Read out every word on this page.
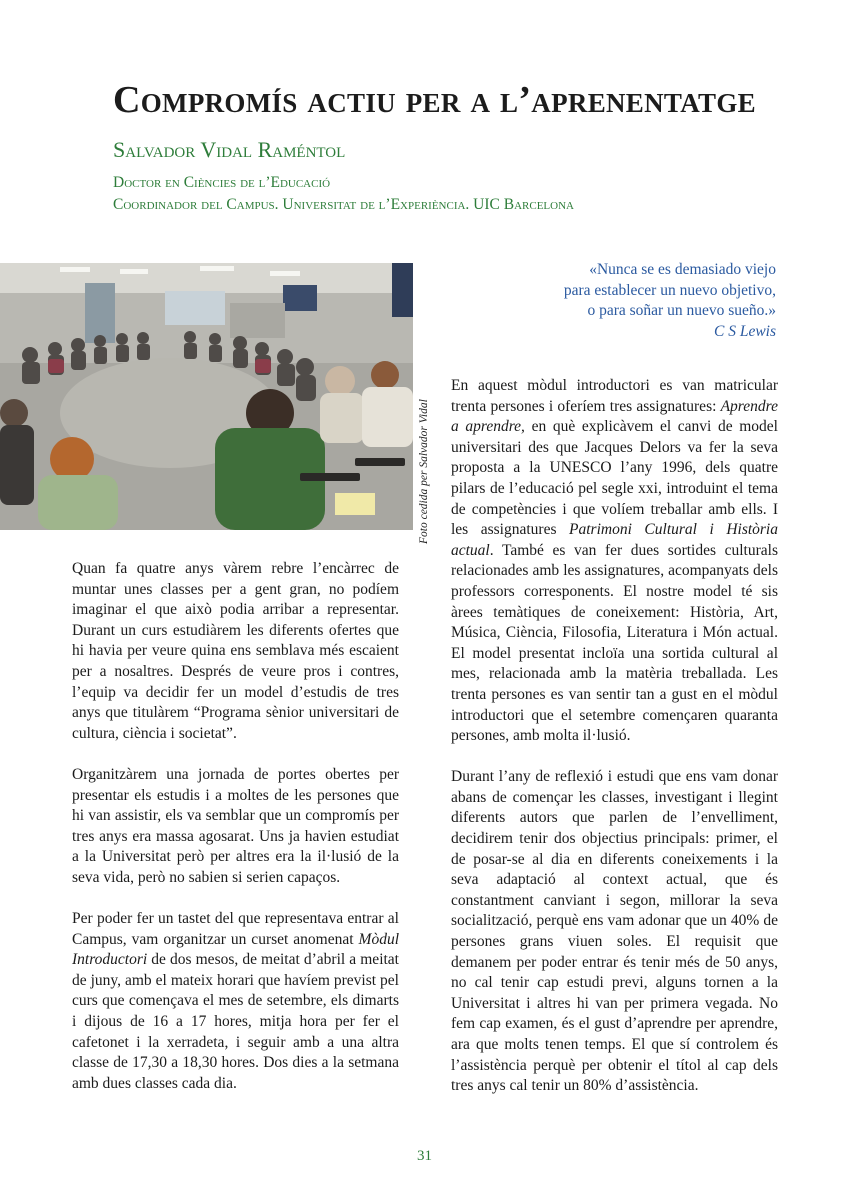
Compromís actiu per a l’aprenentatge
Salvador Vidal Raméntol
Doctor en Ciències de l’Educació
Coordinador del Campus. Universitat de l’Experiència. UIC Barcelona
Foto cedida per Salvador Vidal
«Nunca se es demasiado viejo
para establecer un nuevo objetivo,
o para soñar un nuevo sueño.»
C S Lewis

Quan fa quatre anys vàrem rebre l’encàrrec de muntar unes classes per a gent gran, no podíem imaginar el que això podia arribar a representar. Durant un curs estudiàrem les diferents ofertes que hi havia per veure quina ens semblava més escaient per a nosaltres. Després de veure pros i contres, l’equip va decidir fer un model d’estudis de tres anys que titulàrem “Programa sènior universitari de cultura, ciència i societat”.

Organitzàrem una jornada de portes obertes per presentar els estudis i a moltes de les persones que hi van assistir, els va semblar que un compromís per tres anys era massa agosarat. Uns ja havien estudiat a la Universitat però per altres era la il·lusió de la seva vida, però no sabien si serien capaços.

Per poder fer un tastet del que representava entrar al Campus, vam organitzar un curset anomenat Mòdul Introductori de dos mesos, de meitat d’abril a meitat de juny, amb el mateix horari que havíem previst pel curs que començava el mes de setembre, els dimarts i dijous de 16 a 17 hores, mitja hora per fer el cafetonet i la xerradeta, i seguir amb a una altra classe de 17,30 a 18,30 hores. Dos dies a la setmana amb dues classes cada dia.

En aquest mòdul introductori es van matricular trenta persones i oferíem tres assignatures: Aprendre a aprendre, en què explicàvem el canvi de model universitari des que Jacques Delors va fer la seva proposta a la UNESCO l’any 1996, dels quatre pilars de l’educació pel segle xxi, introduint el tema de competències i que volíem treballar amb ells. I les assignatures Patrimoni Cultural i Història actual. També es van fer dues sortides culturals relacionades amb les assignatures, acompanyats dels professors corresponents. El nostre model té sis àrees temàtiques de coneixement: Història, Art, Música, Ciència, Filosofia, Literatura i Món actual. El model presentat incloïa una sortida cultural al mes, relacionada amb la matèria treballada. Les trenta persones es van sentir tan a gust en el mòdul introductori que el setembre començaren quaranta persones, amb molta il·lusió.

Durant l’any de reflexió i estudi que ens vam donar abans de començar les classes, investigant i llegint diferents autors que parlen de l’envelliment, decidirem tenir dos objectius principals: primer, el de posar-se al dia en diferents coneixements i la seva adaptació al context actual, que és constantment canviant i segon, millorar la seva socialització, perquè ens vam adonar que un 40% de persones grans viuen soles. El requisit que demanem per poder entrar és tenir més de 50 anys, no cal tenir cap estudi previ, alguns tornen a la Universitat i altres hi van per primera vegada. No fem cap examen, és el gust d’aprendre per aprendre, ara que molts tenen temps. El que sí controlem és l’assistència perquè per obtenir el títol al cap dels tres anys cal tenir un 80% d’assistència.

31
